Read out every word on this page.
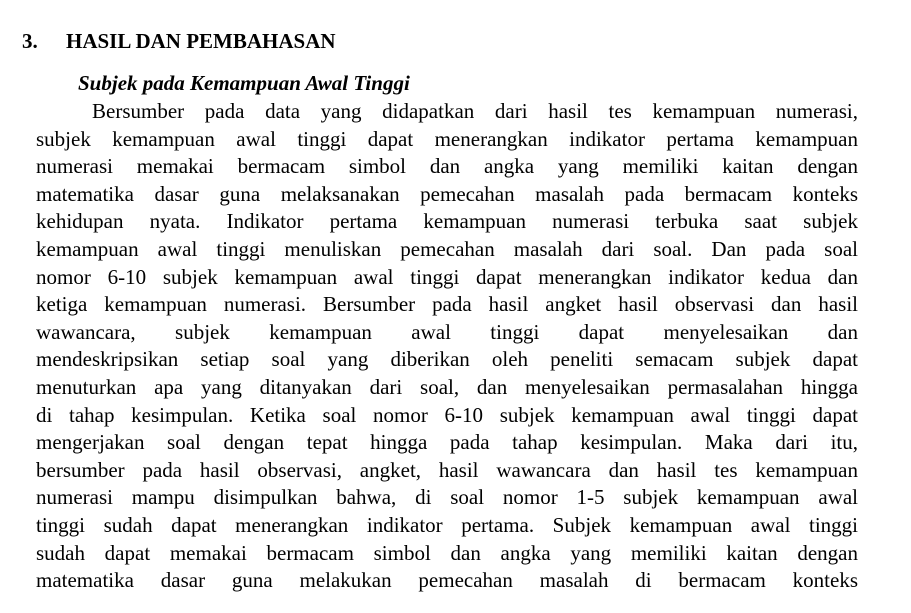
3. HASIL DAN PEMBAHASAN
Subjek pada Kemampuan Awal Tinggi
Bersumber pada data yang didapatkan dari hasil tes kemampuan numerasi,
subjek kemampuan awal tinggi dapat menerangkan indikator pertama kemampuan
numerasi memakai bermacam simbol dan angka yang memiliki kaitan dengan
matematika dasar guna melaksanakan pemecahan masalah pada bermacam konteks
kehidupan nyata. Indikator pertama kemampuan numerasi terbuka saat subjek
kemampuan awal tinggi menuliskan pemecahan masalah dari soal. Dan pada soal
nomor 6-10 subjek kemampuan awal tinggi dapat menerangkan indikator kedua dan
ketiga kemampuan numerasi. Bersumber pada hasil angket hasil observasi dan hasil
wawancara, subjek kemampuan awal tinggi dapat menyelesaikan dan
mendeskripsikan setiap soal yang diberikan oleh peneliti semacam subjek dapat
menuturkan apa yang ditanyakan dari soal, dan menyelesaikan permasalahan hingga
di tahap kesimpulan. Ketika soal nomor 6-10 subjek kemampuan awal tinggi dapat
mengerjakan soal dengan tepat hingga pada tahap kesimpulan. Maka dari itu,
bersumber pada hasil observasi, angket, hasil wawancara dan hasil tes kemampuan
numerasi mampu disimpulkan bahwa, di soal nomor 1-5 subjek kemampuan awal
tinggi sudah dapat menerangkan indikator pertama. Subjek kemampuan awal tinggi
sudah dapat memakai bermacam simbol dan angka yang memiliki kaitan dengan
matematika dasar guna melakukan pemecahan masalah di bermacam konteks
